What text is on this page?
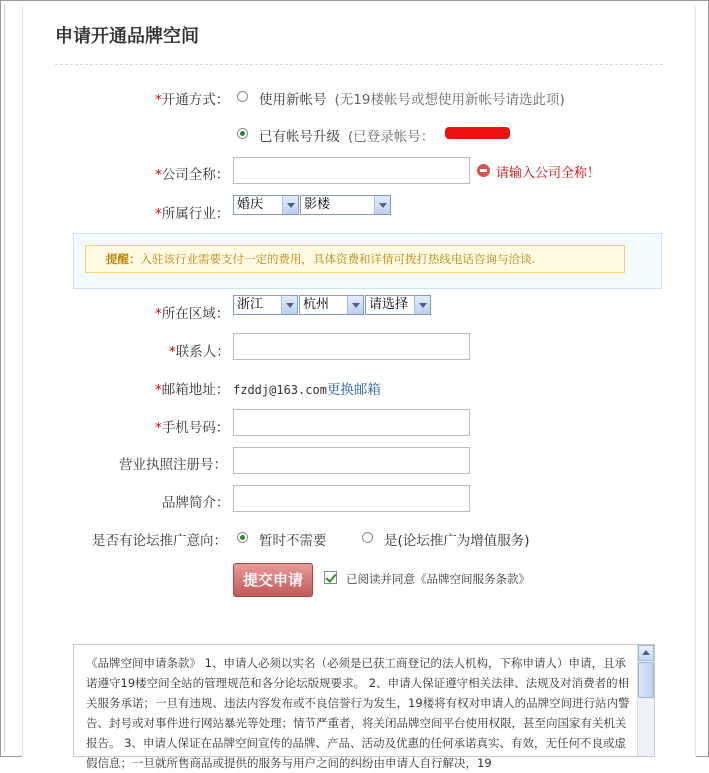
申请开通品牌空间
*开通方式： 使用新帐号 (无19楼帐号或想使用新帐号请选此项)
已有帐号升级 (已登录帐号：
*公司全称：	请输入公司全称！
*所属行业：
婚庆	影楼
提醒：入驻该行业需要支付一定的费用，具体资费和详情可拨打热线电话咨询与洽谈.
*所在区域：
浙江	杭州	请选择
*联系人：
*邮箱地址： fzddj@163.com更换邮箱
*手机号码：
营业执照注册号：
品牌简介：
是否有论坛推广意向： 暂时不需要	是(论坛推广为增值服务)
提交申请	已阅读并同意《品牌空间服务条款》
《品牌空间申请条款》 1、申请人必须以实名（必须是已获工商登记的法人机构，下称申请人）申请，且承诺遵守19楼空间全站的管理规范和各分论坛版规要求。 2、申请人保证遵守相关法律、法规及对消费者的相关服务承诺；一旦有违规、违法内容发布或不良信誉行为发生，19楼将有权对申请人的品牌空间进行站内警告、封号或对事件进行网站暴光等处理；情节严重者，将关闭品牌空间平台使用权限，甚至向国家有关机关报告。 3、申请人保证在品牌空间宣传的品牌、产品、活动及优惠的任何承诺真实、有效，无任何不良或虚假信息；一旦就所售商品或提供的服务与用户之间的纠纷由申请人自行解决，19
